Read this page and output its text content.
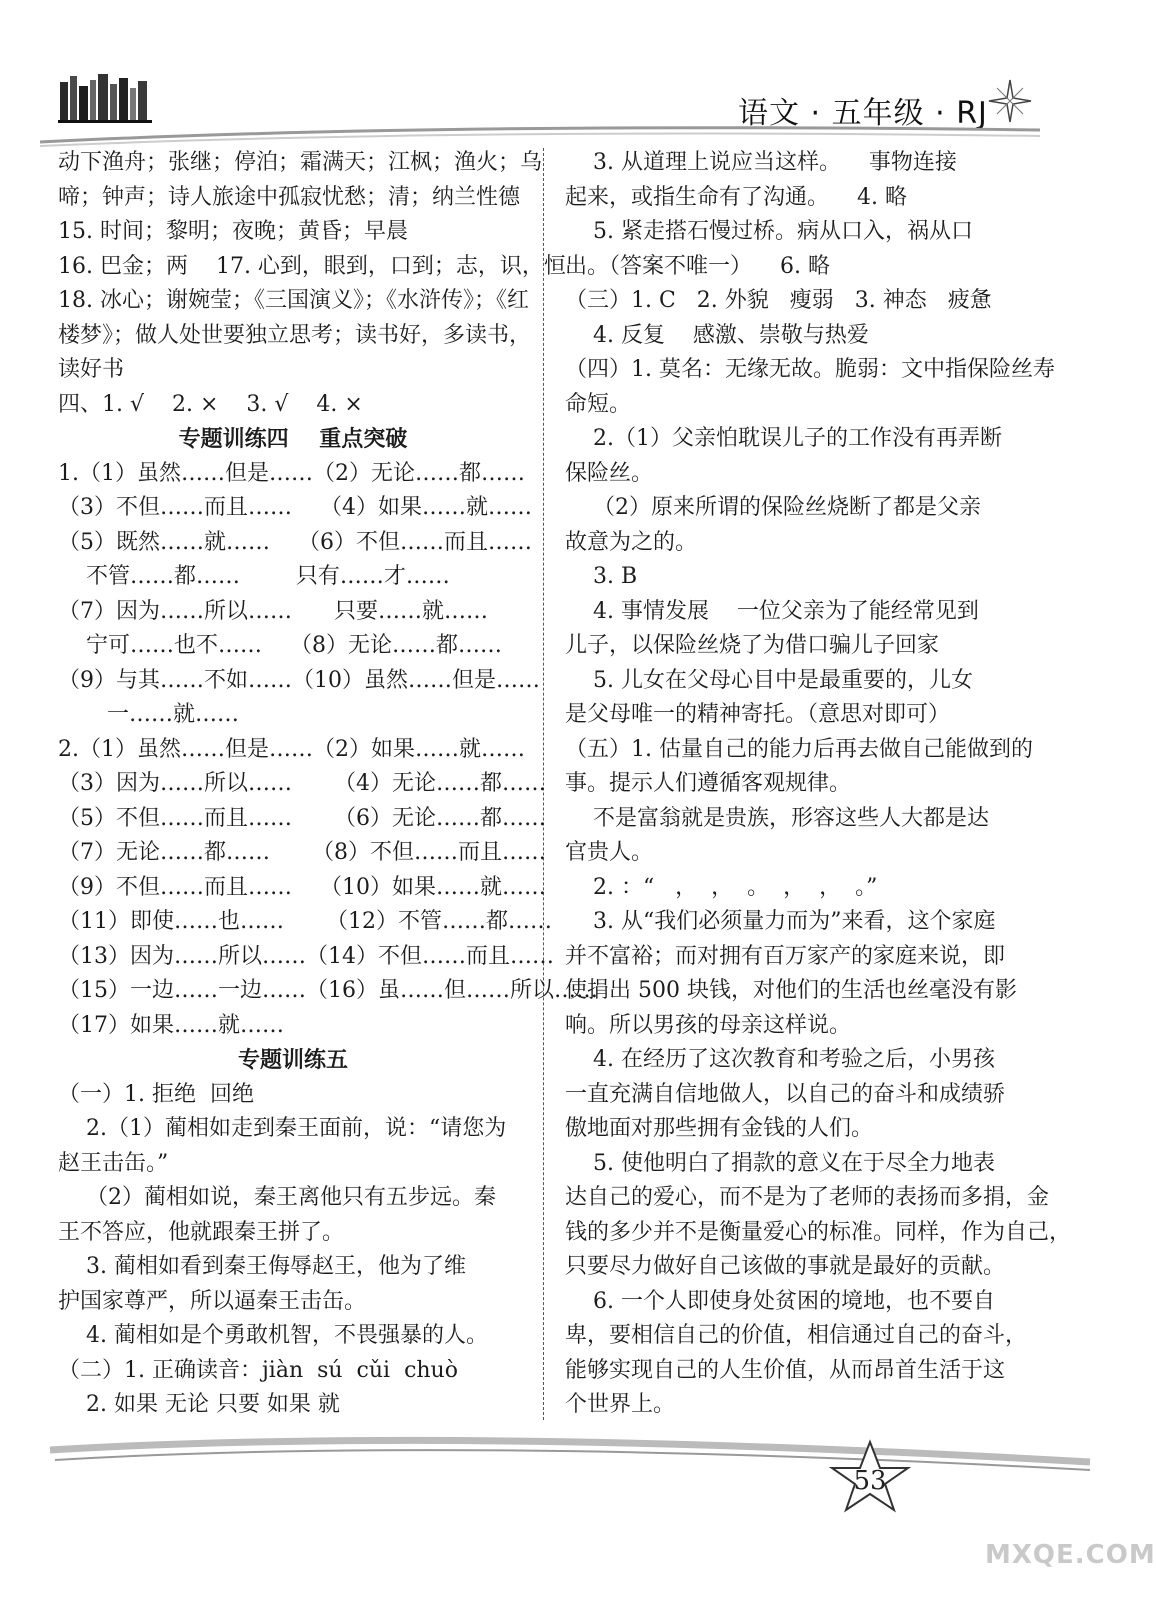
语文 · 五年级 · RJ
动下渔舟；张继；停泊；霜满天；江枫；渔火；乌
啼；钟声；诗人旅途中孤寂忧愁；清；纳兰性德
15. 时间；黎明；夜晚；黄昏；早晨
16. 巴金；两    17. 心到，眼到，口到；志，识，恒
18. 冰心；谢婉莹；《三国演义》；《水浒传》；《红
楼梦》；做人处世要独立思考；读书好，多读书，
读好书
四、1. √    2. ×    3. √    4. ×
专题训练四    重点突破
1.（1）虽然……但是……（2）无论……都……
（3）不但……而且……    （4）如果……就……
（5）既然……就……    （6）不但……而且……
不管……都……        只有……才……
（7）因为……所以……      只要……就……
宁可……也不……    （8）无论……都……
（9）与其……不如……（10）虽然……但是……
一……就……
2.（1）虽然……但是……（2）如果……就……
（3）因为……所以……      （4）无论……都……
（5）不但……而且……      （6）无论……都……
（7）无论……都……      （8）不但……而且……
（9）不但……而且……    （10）如果……就……
（11）即使……也……      （12）不管……都……
（13）因为……所以……（14）不但……而且……
（15）一边……一边……（16）虽……但……所以……
（17）如果……就……
专题训练五
（一）1. 拒绝  回绝
2.（1）蔺相如走到秦王面前，说：“请您为
赵王击缶。”
（2）蔺相如说，秦王离他只有五步远。秦
王不答应，他就跟秦王拼了。
3. 蔺相如看到秦王侮辱赵王，他为了维
护国家尊严，所以逼秦王击缶。
4. 蔺相如是个勇敢机智，不畏强暴的人。
（二）1. 正确读音：jiàn  sú  cǔi  chuò
2. 如果 无论 只要 如果 就
3. 从道理上说应当这样。    事物连接
起来，或指生命有了沟通。    4. 略
5. 紧走搭石慢过桥。病从口入，祸从口
出。（答案不唯一）    6. 略
（三）1. C   2. 外貌   瘦弱   3. 神态   疲惫
4. 反复    感激、崇敬与热爱
（四）1. 莫名：无缘无故。脆弱：文中指保险丝寿
命短。
2.（1）父亲怕耽误儿子的工作没有再弄断
保险丝。
（2）原来所谓的保险丝烧断了都是父亲
故意为之的。
3. B
4. 事情发展    一位父亲为了能经常见到
儿子，以保险丝烧了为借口骗儿子回家
5. 儿女在父母心目中是最重要的，儿女
是父母唯一的精神寄托。（意思对即可）
（五）1. 估量自己的能力后再去做自己能做到的
事。提示人们遵循客观规律。
不是富翁就是贵族，形容这些人大都是达
官贵人。
2. ：“   ，  ，  。  ，  ，  。”
3. 从“我们必须量力而为”来看，这个家庭
并不富裕；而对拥有百万家产的家庭来说，即
使捐出 500 块钱，对他们的生活也丝毫没有影
响。所以男孩的母亲这样说。
4. 在经历了这次教育和考验之后，小男孩
一直充满自信地做人，以自己的奋斗和成绩骄
傲地面对那些拥有金钱的人们。
5. 使他明白了捐款的意义在于尽全力地表
达自己的爱心，而不是为了老师的表扬而多捐，金
钱的多少并不是衡量爱心的标准。同样，作为自己，
只要尽力做好自己该做的事就是最好的贡献。
6. 一个人即使身处贫困的境地，也不要自
卑，要相信自己的价值，相信通过自己的奋斗，
能够实现自己的人生价值，从而昂首生活于这
个世界上。
53
MXQE.COM
